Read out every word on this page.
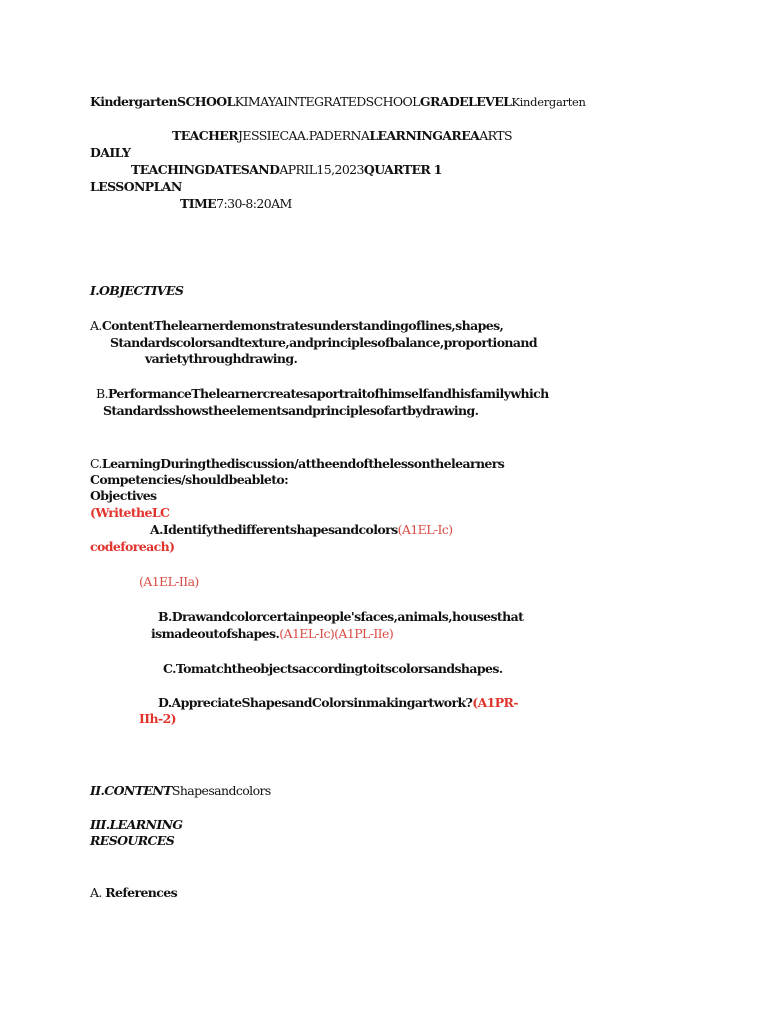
KindergartenSCHOOLKIMAYAINTEGRATEDSCHOOLGRADELEVELKindergarten
TEACHERJESSIECAA.PADERNALEARNINGAREAARTS
DAILY
TEACHINGDATESANDAPRIL15,2023QUARTER 1
LESSONPLAN
TIME7:30-8:20AM
I.OBJECTIVES
A.ContentThelearnerdemonstratesunderstandingoflines,shapes,
Standardscolorsandtexture,andprinciplesofbalance,proportionand
varietythroughdrawing.
B.PerformanceThelearnercreatesaportraitofhimselfandhisfamilywhich
Standardsshowstheelementsandprinciplesofartbydrawing.
C.LearningDuringthediscussion/attheendofthelessonthelearners
Competencies/shouldbeableto:
Objectives
(WritetheLC
A.Identifythedifferentshapesandcolors(A1EL-Ic)
codeforeach)
(A1EL-IIa)
B.Drawandcolorcertainpeople'sfaces,animals,housesthat
ismadeoutofshapes.(A1EL-Ic)(A1PL-IIe)
C.Tomatchtheobjectsaccordingtoitscolorsandshapes.
D.AppreciateShapesandColorsinmakingartwork?(A1PR-
IIh-2)
II.CONTENTShapesandcolors
III.LEARNING
RESOURCES
A. References
